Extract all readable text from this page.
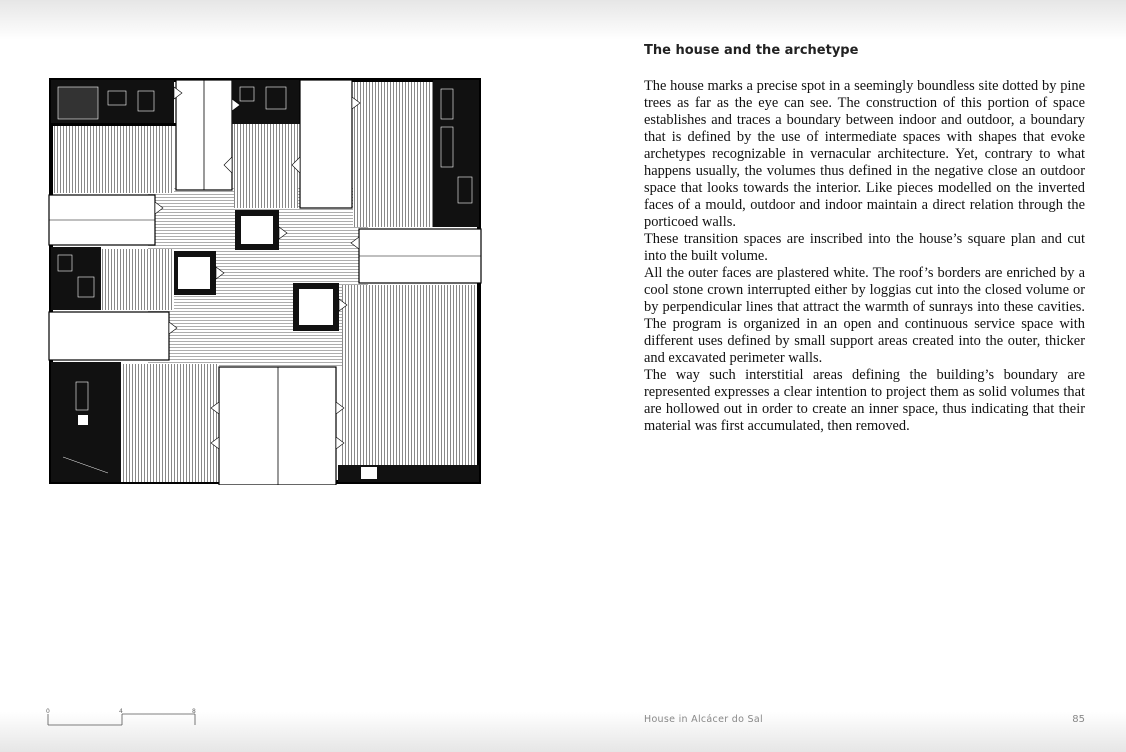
The house and the archetype

The house marks a precise spot in a seemingly boundless site dotted by pine trees as far as the eye can see. The construction of this portion of space establishes and traces a boundary between indoor and outdoor, a boundary that is defined by the use of intermediate spaces with shapes that evoke archetypes recognizable in vernacular architecture. Yet, contrary to what happens usually, the volumes thus defined in the negative close an outdoor space that looks towards the interior. Like pieces modelled on the inverted faces of a mould, outdoor and indoor maintain a direct relation through the porticoed walls.

These transition spaces are inscribed into the house’s square plan and cut into the built volume.

All the outer faces are plastered white. The roof’s borders are enriched by a cool stone crown interrupted either by loggias cut into the closed volume or by perpendicular lines that attract the warmth of sunrays into these cavities. The program is organized in an open and continuous service space with different uses defined by small support areas created into the outer, thicker and excavated perimeter walls.

The way such interstitial areas defining the building’s boundary are represented expresses a clear intention to project them as solid volumes that are hollowed out in order to create an inner space, thus indicating that their material was first accumulated, then removed.

0	4	8
House in Alcácer do Sal	85
